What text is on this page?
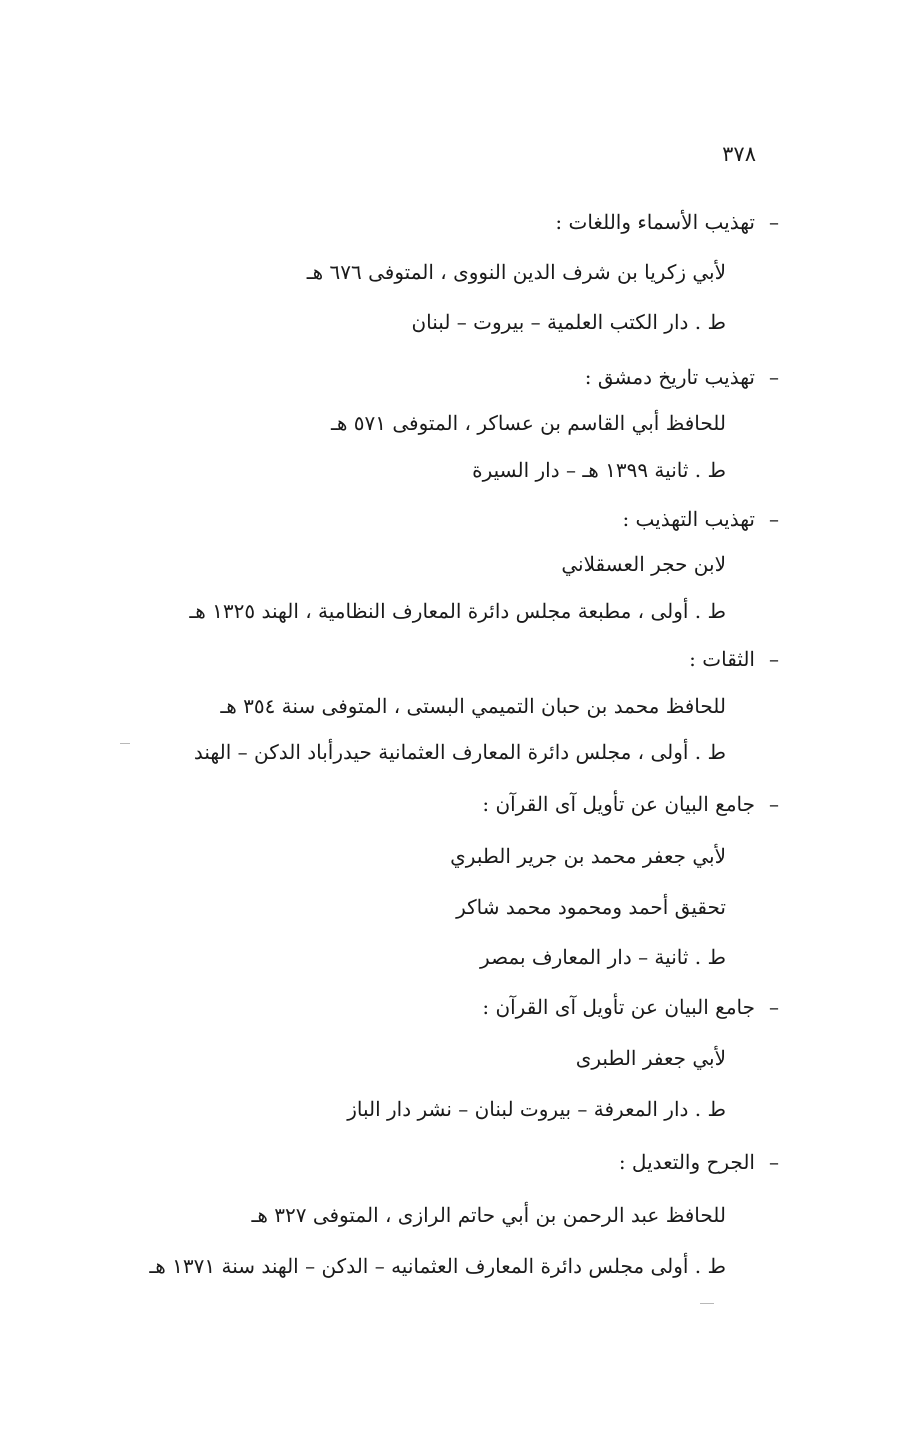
٣٧٨
–تهذيب الأسماء واللغات :
لأبي زكريا بن شرف الدين النووى ، المتوفى ٦٧٦ هـ
ط . دار الكتب العلمية – بيروت – لبنان
–تهذيب تاريخ دمشق :
للحافظ أبي القاسم بن عساكر ، المتوفى ٥٧١ هـ
ط . ثانية ١٣٩٩ هـ – دار السيرة
–تهذيب التهذيب :
لابن حجر العسقلاني
ط . أولى ، مطبعة مجلس دائرة المعارف النظامية ، الهند ١٣٢٥ هـ
–الثقات :
للحافظ محمد بن حبان التميمي البستى ، المتوفى سنة ٣٥٤ هـ
ط . أولى ، مجلس دائرة المعارف العثمانية حيدرأباد الدكن – الهند
–جامع البيان عن تأويل آى القرآن :
لأبي جعفر محمد بن جرير الطبري
تحقيق أحمد ومحمود محمد شاكر
ط . ثانية – دار المعارف بمصر
–جامع البيان عن تأويل آى القرآن :
لأبي جعفر الطبرى
ط . دار المعرفة – بيروت لبنان – نشر دار الباز
–الجرح والتعديل :
للحافظ عبد الرحمن بن أبي حاتم الرازى ، المتوفى ٣٢٧ هـ
ط . أولى مجلس دائرة المعارف العثمانيه – الدكن – الهند سنة ١٣٧١ هـ
